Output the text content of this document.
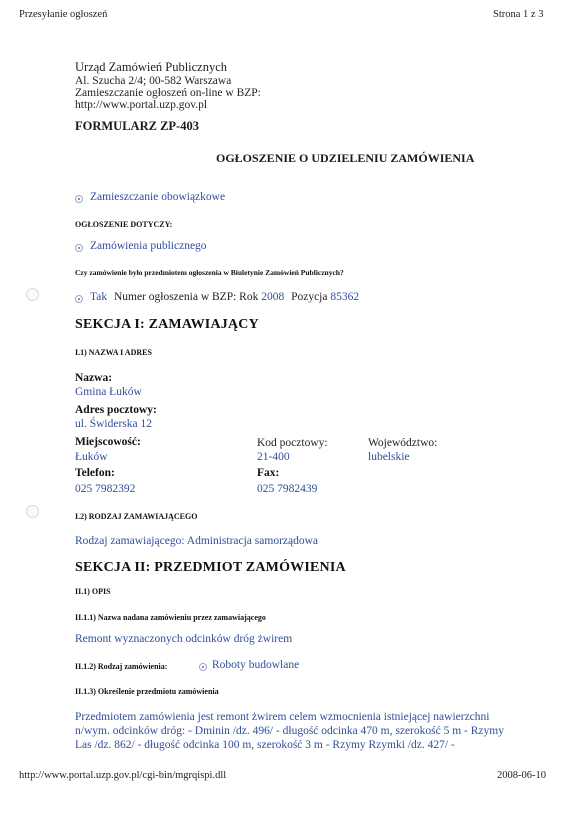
Przesyłanie ogłoszeń	Strona 1 z 3
Urząd Zamówień Publicznych
Al. Szucha 2/4; 00-582 Warszawa
Zamieszczanie ogłoszeń on-line w BZP:
http://www.portal.uzp.gov.pl
FORMULARZ ZP-403
OGŁOSZENIE O UDZIELENIU ZAMÓWIENIA
Zamieszczanie obowiązkowe
OGŁOSZENIE DOTYCZY:
Zamówienia publicznego
Czy zamówienie było przedmiotem ogłoszenia w Biuletynie Zamówień Publicznych?
Tak Numer ogłoszenia w BZP: Rok 2008 Pozycja 85362
SEKCJA I: ZAMAWIAJĄCY
I.1) NAZWA I ADRES
Nazwa:
Gmina Łuków
Adres pocztowy:
ul. Świderska 12
Miejscowość:	Kod pocztowy:	Województwo:
Łuków	21-400	lubelskie
Telefon:	Fax:
025 7982392	025 7982439
I.2) RODZAJ ZAMAWIAJĄCEGO
Rodzaj zamawiającego: Administracja samorządowa
SEKCJA II: PRZEDMIOT ZAMÓWIENIA
II.1) OPIS
II.1.1) Nazwa nadana zamówieniu przez zamawiającego
Remont wyznaczonych odcinków dróg żwirem
II.1.2) Rodzaj zamówienia:	Roboty budowlane
II.1.3) Określenie przedmiotu zamówienia
Przedmiotem zamówienia jest remont żwirem celem wzmocnienia istniejącej nawierzchni n/wym. odcinków dróg: - Dminin /dz. 496/ - długość odcinka 470 m, szerokość 5 m - Rzymy Las /dz. 862/ - długość odcinka 100 m, szerokość 3 m - Rzymy Rzymki /dz. 427/ -
http://www.portal.uzp.gov.pl/cgi-bin/mgrqispi.dll	2008-06-10
